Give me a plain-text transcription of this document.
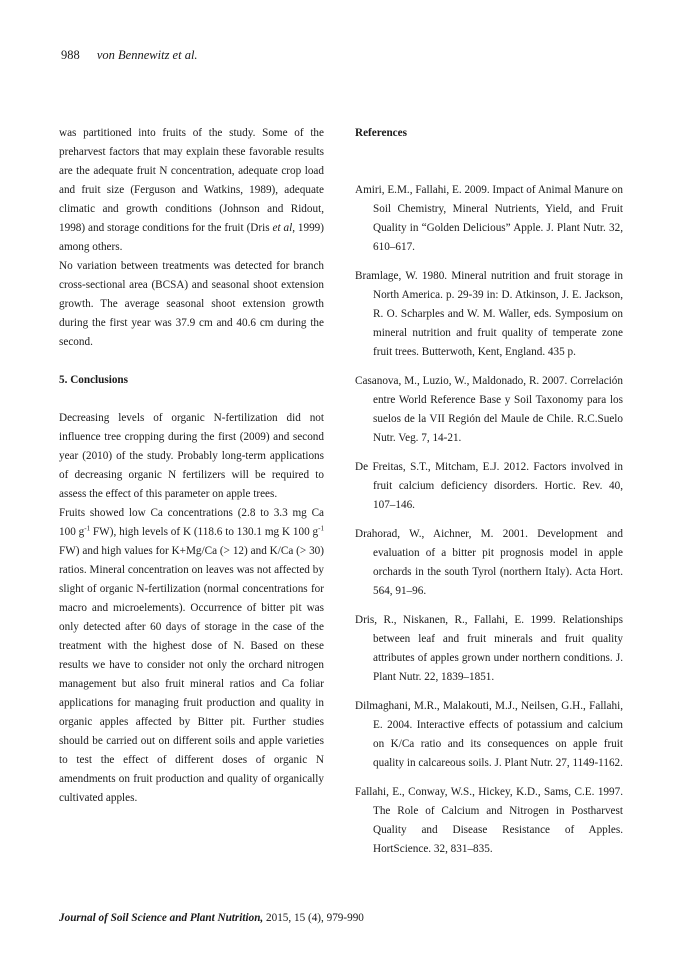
988 von Bennewitz et al.

was partitioned into fruits of the study. Some of the preharvest factors that may explain these favorable results are the adequate fruit N concentration, adequate crop load and fruit size (Ferguson and Watkins, 1989), adequate climatic and growth conditions (Johnson and Ridout, 1998) and storage conditions for the fruit (Dris et al, 1999) among others.

No variation between treatments was detected for branch cross-sectional area (BCSA) and seasonal shoot extension growth. The average seasonal shoot extension growth during the first year was 37.9 cm and 40.6 cm during the second.

5. Conclusions

Decreasing levels of organic N-fertilization did not influence tree cropping during the first (2009) and second year (2010) of the study. Probably long-term applications of decreasing organic N fertilizers will be required to assess the effect of this parameter on apple trees.

Fruits showed low Ca concentrations (2.8 to 3.3 mg Ca 100 $g^{-1}$ FW), high levels of K (118.6 to 130.1 mg K 100 $g^{-1}$ FW) and high values for K+Mg/Ca (> 12) and K/Ca (> 30) ratios. Mineral concentration on leaves was not affected by slight of organic N-fertilization (normal concentrations for macro and microelements). Occurrence of bitter pit was only detected after 60 days of storage in the case of the treatment with the highest dose of N. Based on these results we have to consider not only the orchard nitrogen management but also fruit mineral ratios and Ca foliar applications for managing fruit production and quality in organic apples affected by Bitter pit. Further studies should be carried out on different soils and apple varieties to test the effect of different doses of organic N amendments on fruit production and quality of organically cultivated apples.

References

Amiri, E.M., Fallahi, E. 2009. Impact of Animal Manure on Soil Chemistry, Mineral Nutrients, Yield, and Fruit Quality in “Golden Delicious” Apple. J. Plant Nutr. 32, 610–617.

Bramlage, W. 1980. Mineral nutrition and fruit storage in North America. p. 29-39 in: D. Atkinson, J. E. Jackson, R. O. Scharples and W. M. Waller, eds. Symposium on mineral nutrition and fruit quality of temperate zone fruit trees. Butterwoth, Kent, England. 435 p.

Casanova, M., Luzio, W., Maldonado, R. 2007. Correlación entre World Reference Base y Soil Taxonomy para los suelos de la VII Región del Maule de Chile. R.C.Suelo Nutr. Veg. 7, 14-21.

De Freitas, S.T., Mitcham, E.J. 2012. Factors involved in fruit calcium deficiency disorders. Hortic. Rev. 40, 107–146.

Drahorad, W., Aichner, M. 2001. Development and evaluation of a bitter pit prognosis model in apple orchards in the south Tyrol (northern Italy). Acta Hort. 564, 91–96.

Dris, R., Niskanen, R., Fallahi, E. 1999. Relationships between leaf and fruit minerals and fruit quality attributes of apples grown under northern conditions. J. Plant Nutr. 22, 1839–1851.

Dilmaghani, M.R., Malakouti, M.J., Neilsen, G.H., Fallahi, E. 2004. Interactive effects of potassium and calcium on K/Ca ratio and its consequences on apple fruit quality in calcareous soils. J. Plant Nutr. 27, 1149-1162.

Fallahi, E., Conway, W.S., Hickey, K.D., Sams, C.E. 1997. The Role of Calcium and Nitrogen in Postharvest Quality and Disease Resistance of Apples. HortScience. 32, 831–835.

Journal of Soil Science and Plant Nutrition, 2015, 15 (4), 979-990
